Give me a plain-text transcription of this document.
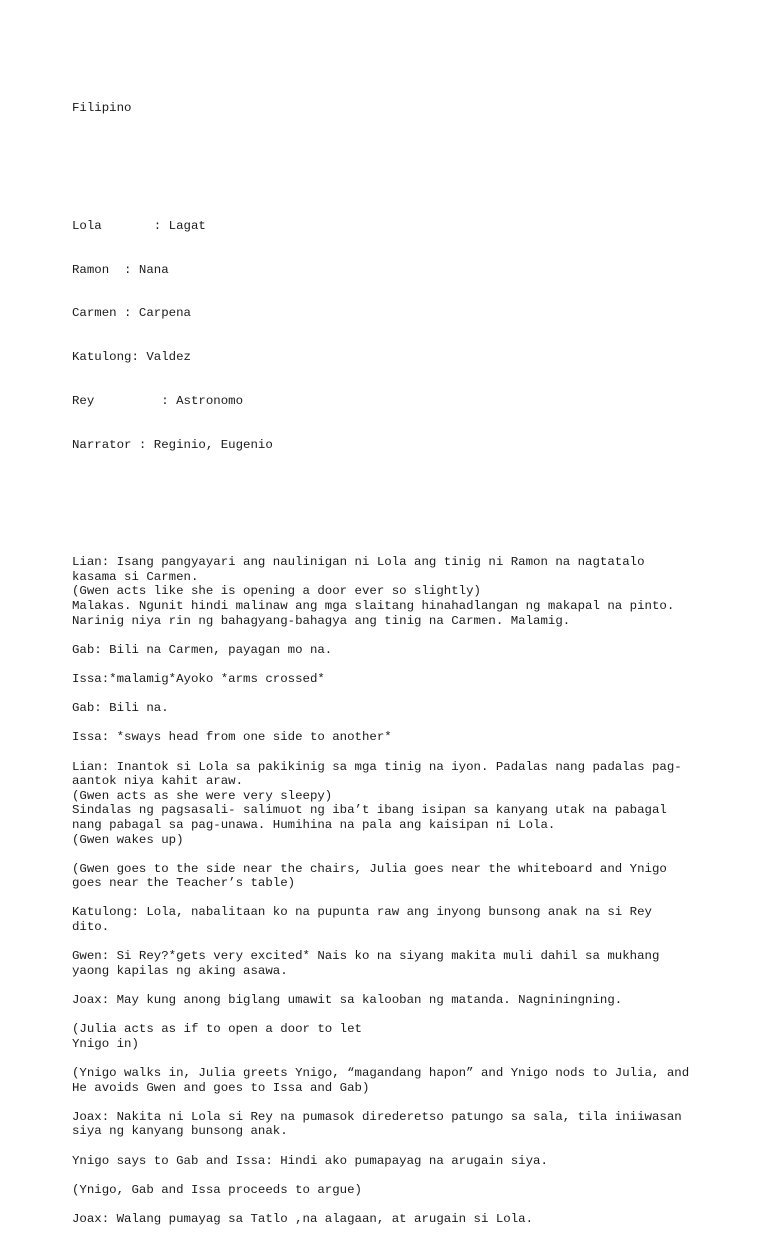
Filipino

Lola       : Lagat

Ramon  : Nana

Carmen : Carpena

Katulong: Valdez

Rey         : Astronomo

Narrator : Reginio, Eugenio

Lian: Isang pangyayari ang naulinigan ni Lola ang tinig ni Ramon na nagtatalo
kasama si Carmen.
(Gwen acts like she is opening a door ever so slightly)
Malakas. Ngunit hindi malinaw ang mga slaitang hinahadlangan ng makapal na pinto.
Narinig niya rin ng bahagyang-bahagya ang tinig na Carmen. Malamig.
Gab: Bili na Carmen, payagan mo na.
Issa:*malamig*Ayoko *arms crossed*
Gab: Bili na.
Issa: *sways head from one side to another*
Lian: Inantok si Lola sa pakikinig sa mga tinig na iyon. Padalas nang padalas pag-
aantok niya kahit araw.
(Gwen acts as she were very sleepy)
Sindalas ng pagsasali- salimuot ng iba’t ibang isipan sa kanyang utak na pabagal
nang pabagal sa pag-unawa. Humihina na pala ang kaisipan ni Lola.
(Gwen wakes up)
(Gwen goes to the side near the chairs, Julia goes near the whiteboard and Ynigo
goes near the Teacher’s table)
Katulong: Lola, nabalitaan ko na pupunta raw ang inyong bunsong anak na si Rey
dito.
Gwen: Si Rey?*gets very excited* Nais ko na siyang makita muli dahil sa mukhang
yaong kapilas ng aking asawa.
Joax: May kung anong biglang umawit sa kalooban ng matanda. Nagniningning.
(Julia acts as if to open a door to let
Ynigo in)
(Ynigo walks in, Julia greets Ynigo, “magandang hapon” and Ynigo nods to Julia, and
He avoids Gwen and goes to Issa and Gab)
Joax: Nakita ni Lola si Rey na pumasok direderetso patungo sa sala, tila iniiwasan
siya ng kanyang bunsong anak.
Ynigo says to Gab and Issa: Hindi ako pumapayag na arugain siya.
(Ynigo, Gab and Issa proceeds to argue)
Joax: Walang pumayag sa Tatlo ,na alagaan, at arugain si Lola.
